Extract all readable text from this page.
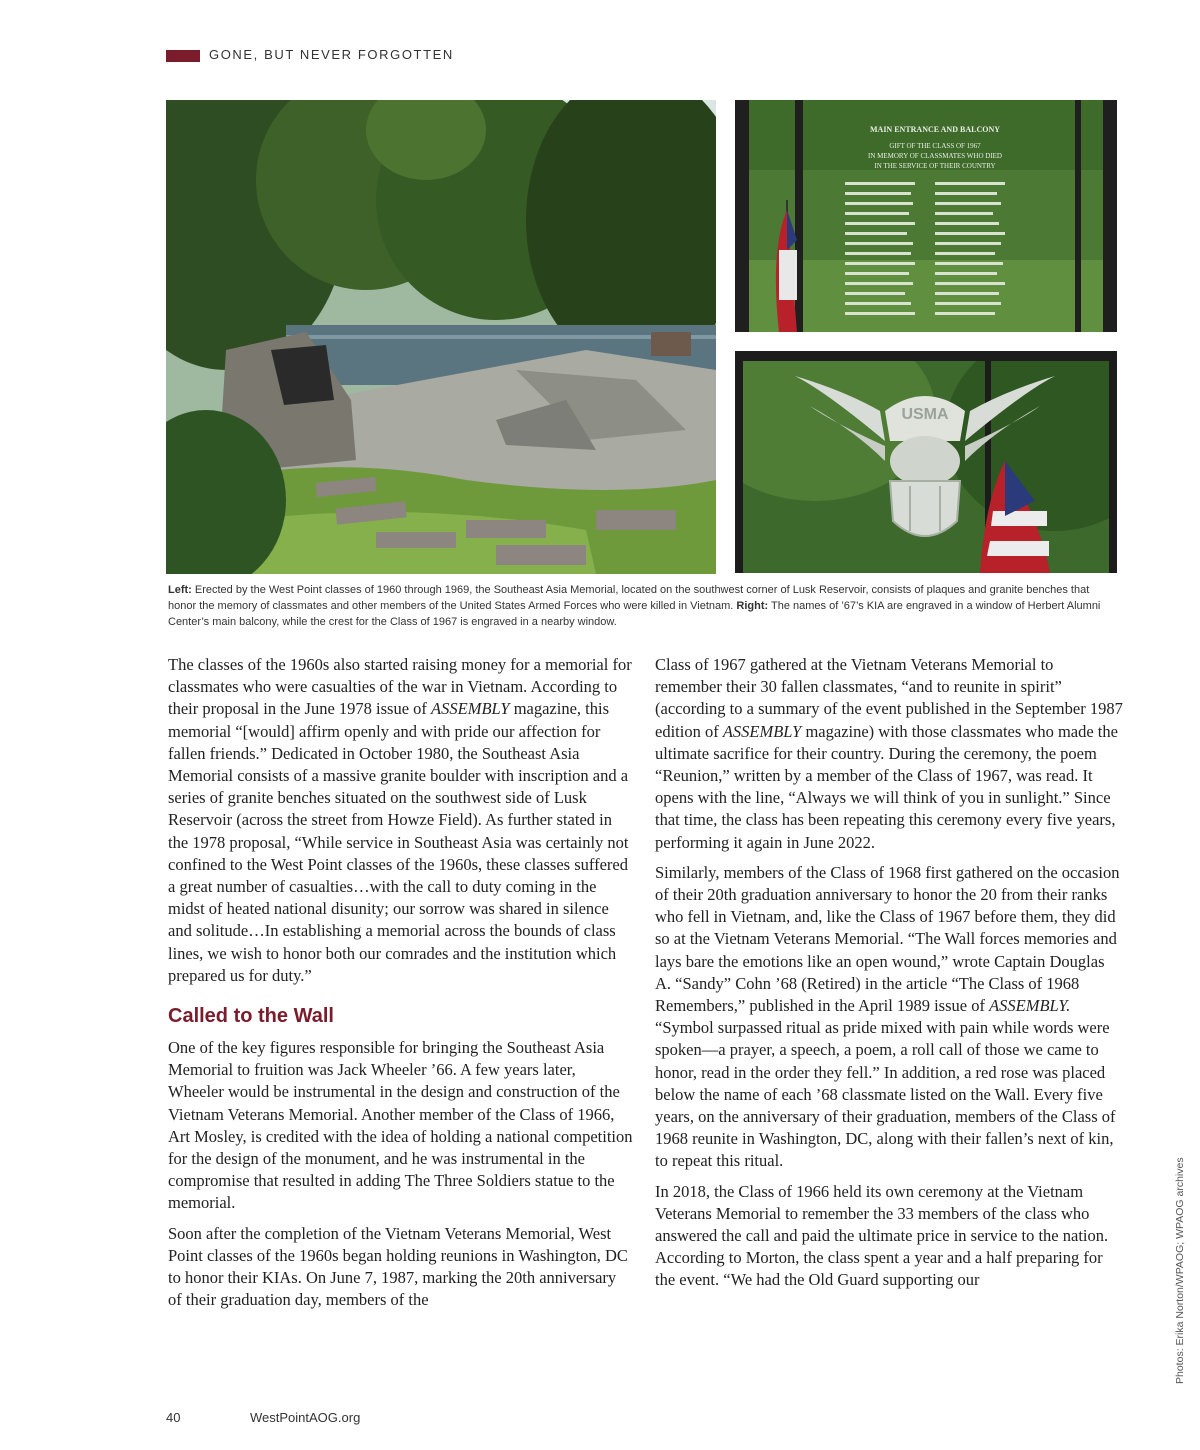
GONE, BUT NEVER FORGOTTEN
MAIN ENTRANCE AND BALCONY
GIFT OF THE CLASS OF 1967
IN MEMORY OF CLASSMATES WHO DIED
IN THE SERVICE OF THEIR COUNTRY
USMA
Left: Erected by the West Point classes of 1960 through 1969, the Southeast Asia Memorial, located on the southwest corner of Lusk Reservoir, consists of plaques and granite benches that honor the memory of classmates and other members of the United States Armed Forces who were killed in Vietnam. Right: The names of ’67’s KIA are engraved in a window of Herbert Alumni Center’s main balcony, while the crest for the Class of 1967 is engraved in a nearby window.

The classes of the 1960s also started raising money for a memorial for classmates who were casualties of the war in Vietnam. According to their proposal in the June 1978 issue of ASSEMBLY magazine, this memorial “[would] affirm openly and with pride our affection for fallen friends.” Dedicated in October 1980, the Southeast Asia Memorial consists of a massive granite boulder with inscription and a series of granite benches situated on the southwest side of Lusk Reservoir (across the street from Howze Field). As further stated in the 1978 proposal, “While service in Southeast Asia was certainly not confined to the West Point classes of the 1960s, these classes suffered a great number of casualties…with the call to duty coming in the midst of heated national disunity; our sorrow was shared in silence and solitude…In establishing a memorial across the bounds of class lines, we wish to honor both our comrades and the institution which prepared us for duty.”

Called to the Wall

One of the key figures responsible for bringing the Southeast Asia Memorial to fruition was Jack Wheeler ’66. A few years later, Wheeler would be instrumental in the design and construction of the Vietnam Veterans Memorial. Another member of the Class of 1966, Art Mosley, is credited with the idea of holding a national competition for the design of the monument, and he was instrumental in the compromise that resulted in adding The Three Soldiers statue to the memorial.

Soon after the completion of the Vietnam Veterans Memorial, West Point classes of the 1960s began holding reunions in Washington, DC to honor their KIAs. On June 7, 1987, marking the 20th anniversary of their graduation day, members of the

Class of 1967 gathered at the Vietnam Veterans Memorial to remember their 30 fallen classmates, “and to reunite in spirit” (according to a summary of the event published in the September 1987 edition of ASSEMBLY magazine) with those classmates who made the ultimate sacrifice for their country. During the ceremony, the poem “Reunion,” written by a member of the Class of 1967, was read. It opens with the line, “Always we will think of you in sunlight.” Since that time, the class has been repeating this ceremony every five years, performing it again in June 2022.

Similarly, members of the Class of 1968 first gathered on the occasion of their 20th graduation anniversary to honor the 20 from their ranks who fell in Vietnam, and, like the Class of 1967 before them, they did so at the Vietnam Veterans Memorial. “The Wall forces memories and lays bare the emotions like an open wound,” wrote Captain Douglas A. “Sandy” Cohn ’68 (Retired) in the article “The Class of 1968 Remembers,” published in the April 1989 issue of ASSEMBLY. “Symbol surpassed ritual as pride mixed with pain while words were spoken—a prayer, a speech, a poem, a roll call of those we came to honor, read in the order they fell.” In addition, a red rose was placed below the name of each ’68 classmate listed on the Wall. Every five years, on the anniversary of their graduation, members of the Class of 1968 reunite in Washington, DC, along with their fallen’s next of kin, to repeat this ritual.

In 2018, the Class of 1966 held its own ceremony at the Vietnam Veterans Memorial to remember the 33 members of the class who answered the call and paid the ultimate price in service to the nation. According to Morton, the class spent a year and a half preparing for the event. “We had the Old Guard supporting our	Photos: Erika Norton/WPAOG; WPAOG archives
40	WestPointAOG.org
